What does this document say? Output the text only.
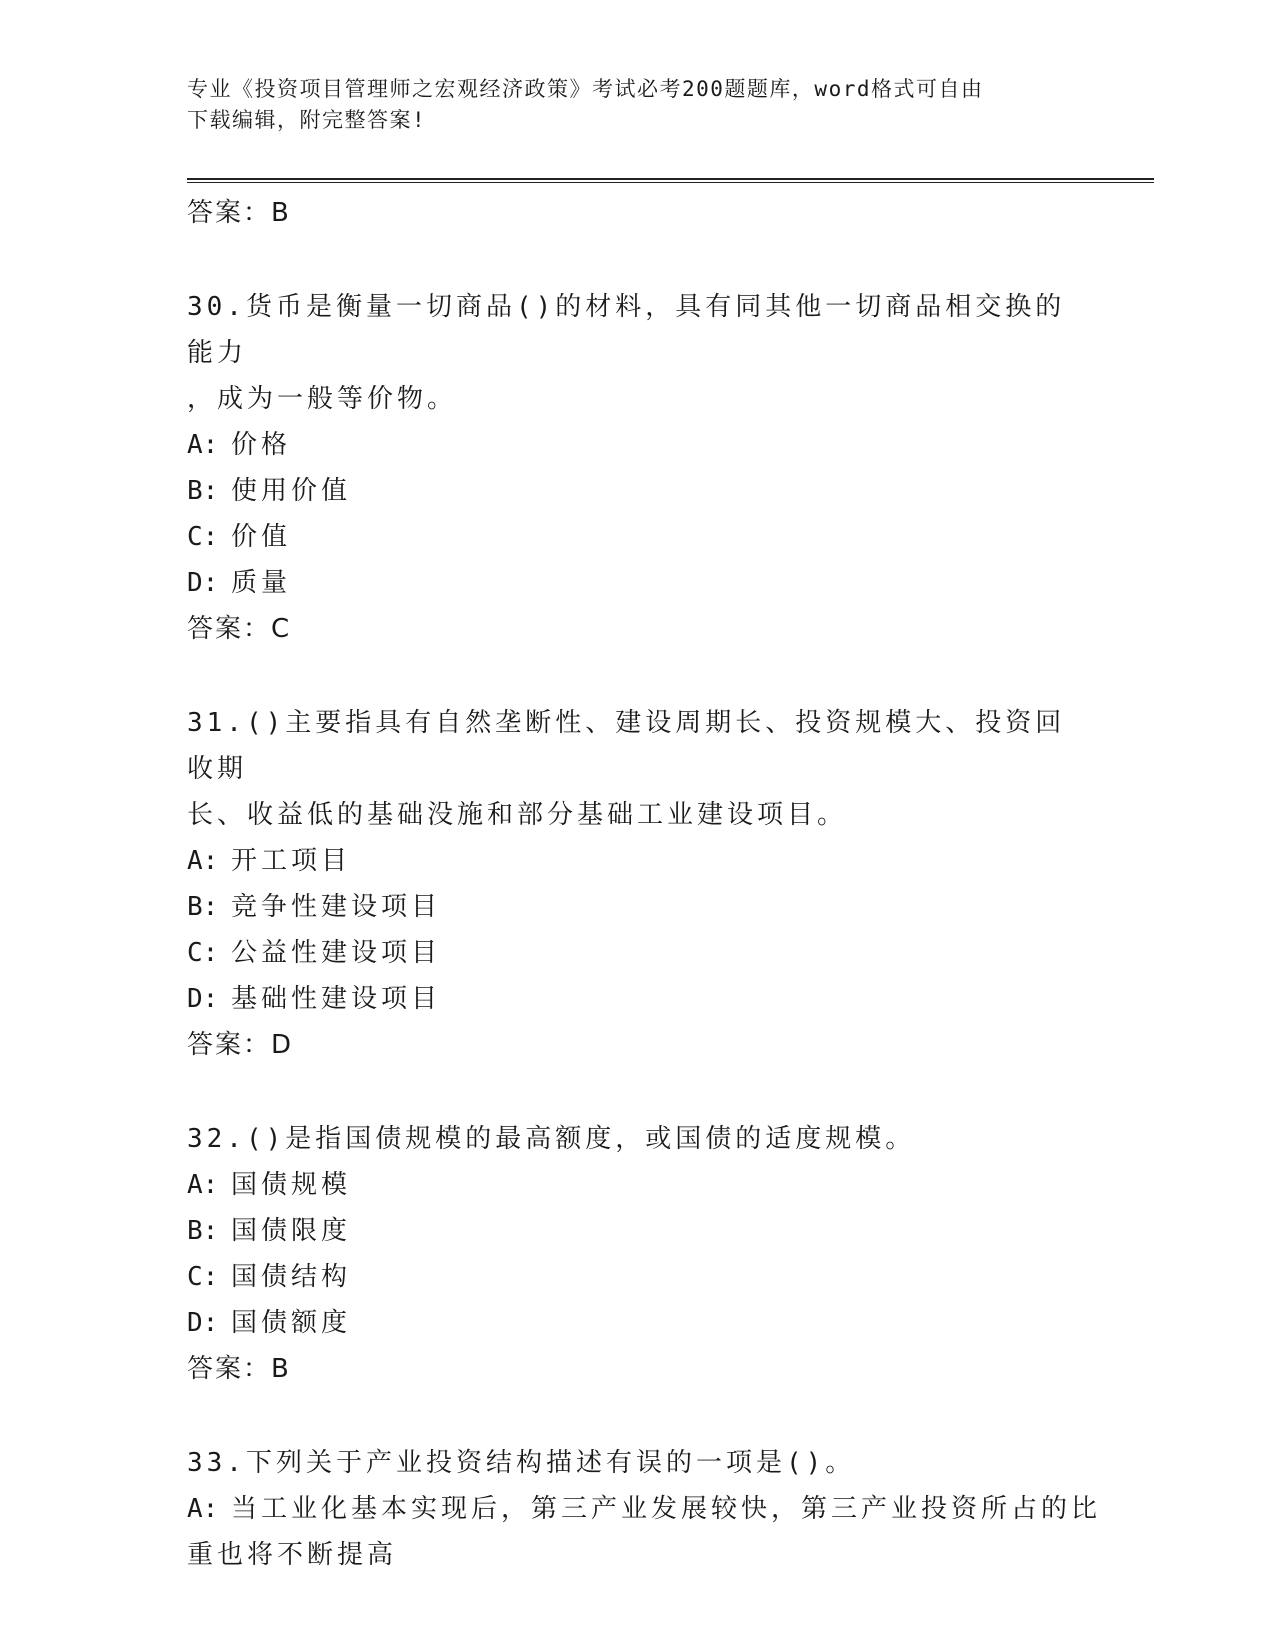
专业《投资项目管理师之宏观经济政策》考试必考200题题库，word格式可自由
下载编辑，附完整答案!
答案：B
30.货币是衡量一切商品()的材料，具有同其他一切商品相交换的能力
，成为一般等价物。
A: 价格
B: 使用价值
C: 价值
D: 质量
答案：C
31.()主要指具有自然垄断性、建设周期长、投资规模大、投资回收期
长、收益低的基础没施和部分基础工业建设项目。
A: 开工项目
B: 竞争性建设项目
C: 公益性建设项目
D: 基础性建设项目
答案：D
32.()是指国债规模的最高额度，或国债的适度规模。
A: 国债规模
B: 国债限度
C: 国债结构
D: 国债额度
答案：B
33.下列关于产业投资结构描述有误的一项是()。
A: 当工业化基本实现后，第三产业发展较快，第三产业投资所占的比
重也将不断提高
